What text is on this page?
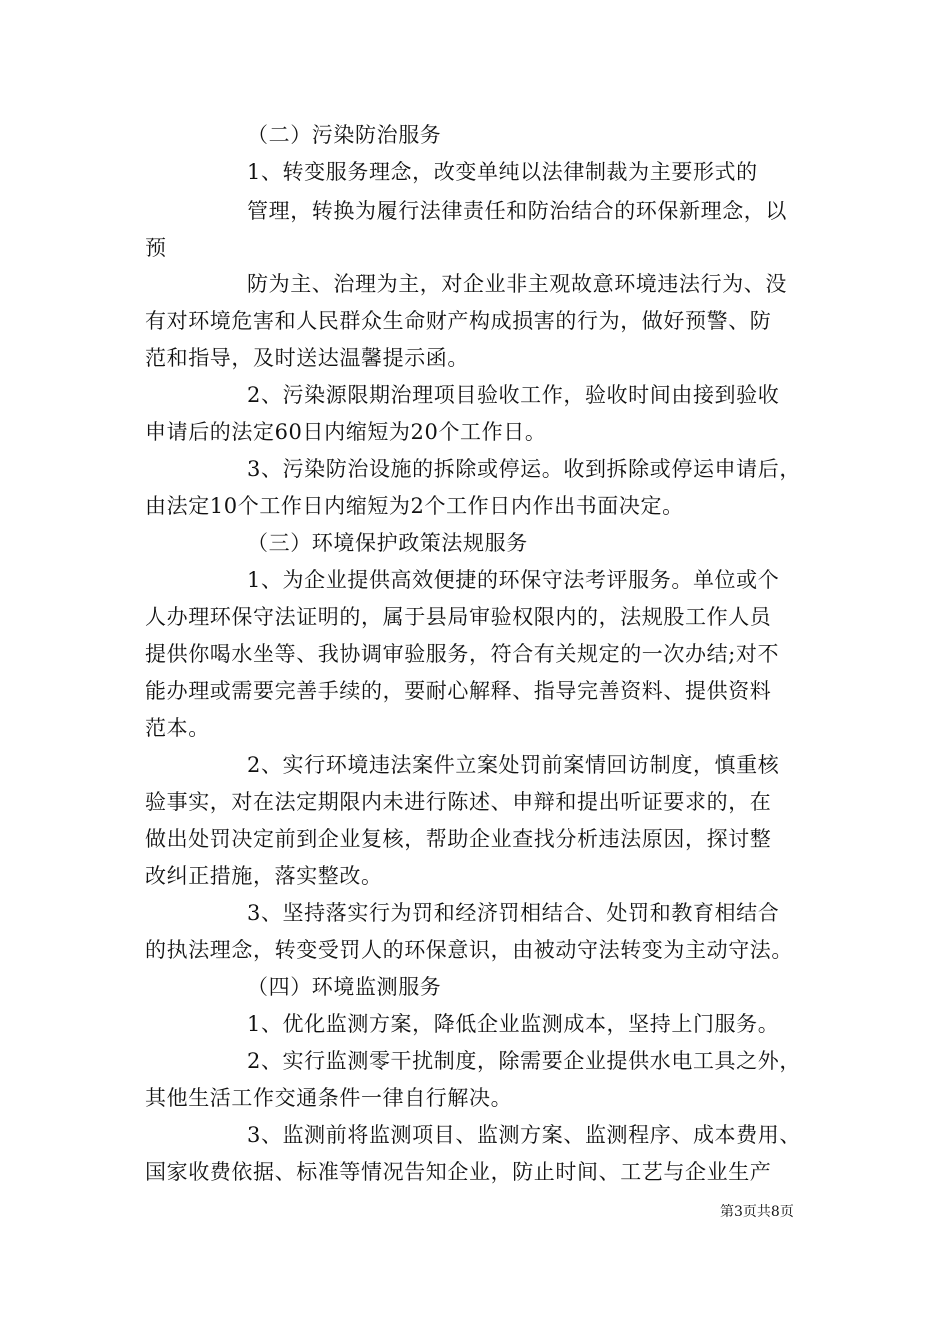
（二）污染防治服务
1、转变服务理念，改变单纯以法律制裁为主要形式的
管理，转换为履行法律责任和防治结合的环保新理念，以
预
防为主、治理为主，对企业非主观故意环境违法行为、没
有对环境危害和人民群众生命财产构成损害的行为，做好预警、防
范和指导，及时送达温馨提示函。
2、污染源限期治理项目验收工作，验收时间由接到验收
申请后的法定60日内缩短为20个工作日。
3、污染防治设施的拆除或停运。收到拆除或停运申请后，
由法定10个工作日内缩短为2个工作日内作出书面决定。
（三）环境保护政策法规服务
1、为企业提供高效便捷的环保守法考评服务。单位或个
人办理环保守法证明的，属于县局审验权限内的，法规股工作人员
提供你喝水坐等、我协调审验服务，符合有关规定的一次办结;对不
能办理或需要完善手续的，要耐心解释、指导完善资料、提供资料
范本。
2、实行环境违法案件立案处罚前案情回访制度，慎重核
验事实，对在法定期限内未进行陈述、申辩和提出听证要求的，在
做出处罚决定前到企业复核，帮助企业查找分析违法原因，探讨整
改纠正措施，落实整改。
3、坚持落实行为罚和经济罚相结合、处罚和教育相结合
的执法理念，转变受罚人的环保意识，由被动守法转变为主动守法。
（四）环境监测服务
1、优化监测方案，降低企业监测成本，坚持上门服务。
2、实行监测零干扰制度，除需要企业提供水电工具之外，
其他生活工作交通条件一律自行解决。
3、监测前将监测项目、监测方案、监测程序、成本费用、
国家收费依据、标准等情况告知企业，防止时间、工艺与企业生产
第3页共8页
